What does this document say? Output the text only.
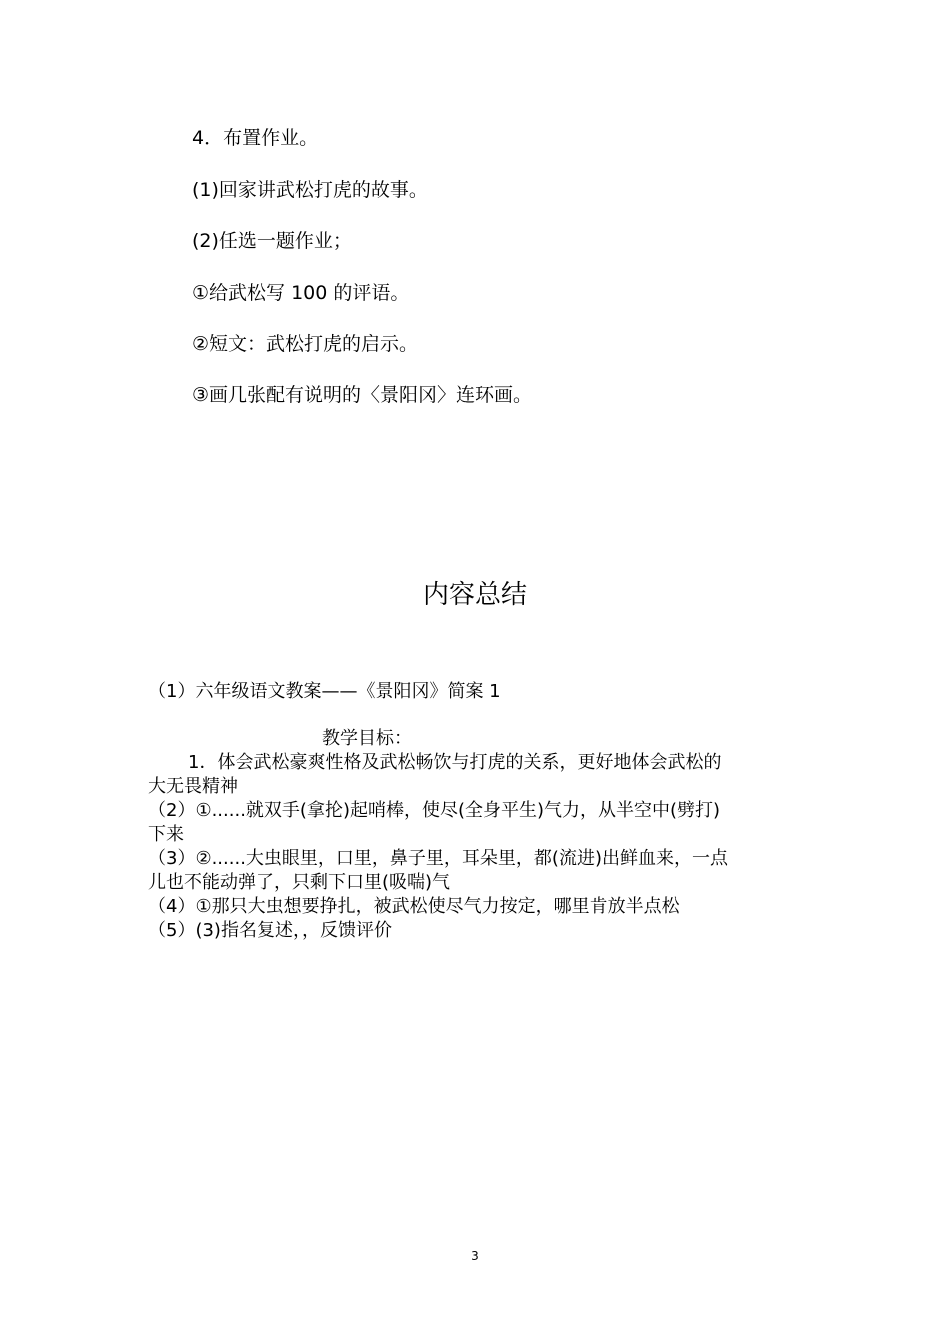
4．布置作业。
(1)回家讲武松打虎的故事。
(2)任选一题作业；
①给武松写 100 的评语。
②短文：武松打虎的启示。
③画几张配有说明的〈景阳冈〉连环画。
内容总结
（1）六年级语文教案——《景阳冈》简案 1
教学目标：
1．体会武松豪爽性格及武松畅饮与打虎的关系，更好地体会武松的
大无畏精神
（2）①......就双手(拿抡)起哨棒，使尽(全身平生)气力，从半空中(劈打)
下来
（3）②......大虫眼里，口里，鼻子里，耳朵里，都(流进)出鲜血来，一点
儿也不能动弹了，只剩下口里(吸喘)气
（4）①那只大虫想要挣扎，被武松使尽气力按定，哪里肯放半点松
（5）(3)指名复述，，反馈评价
3
